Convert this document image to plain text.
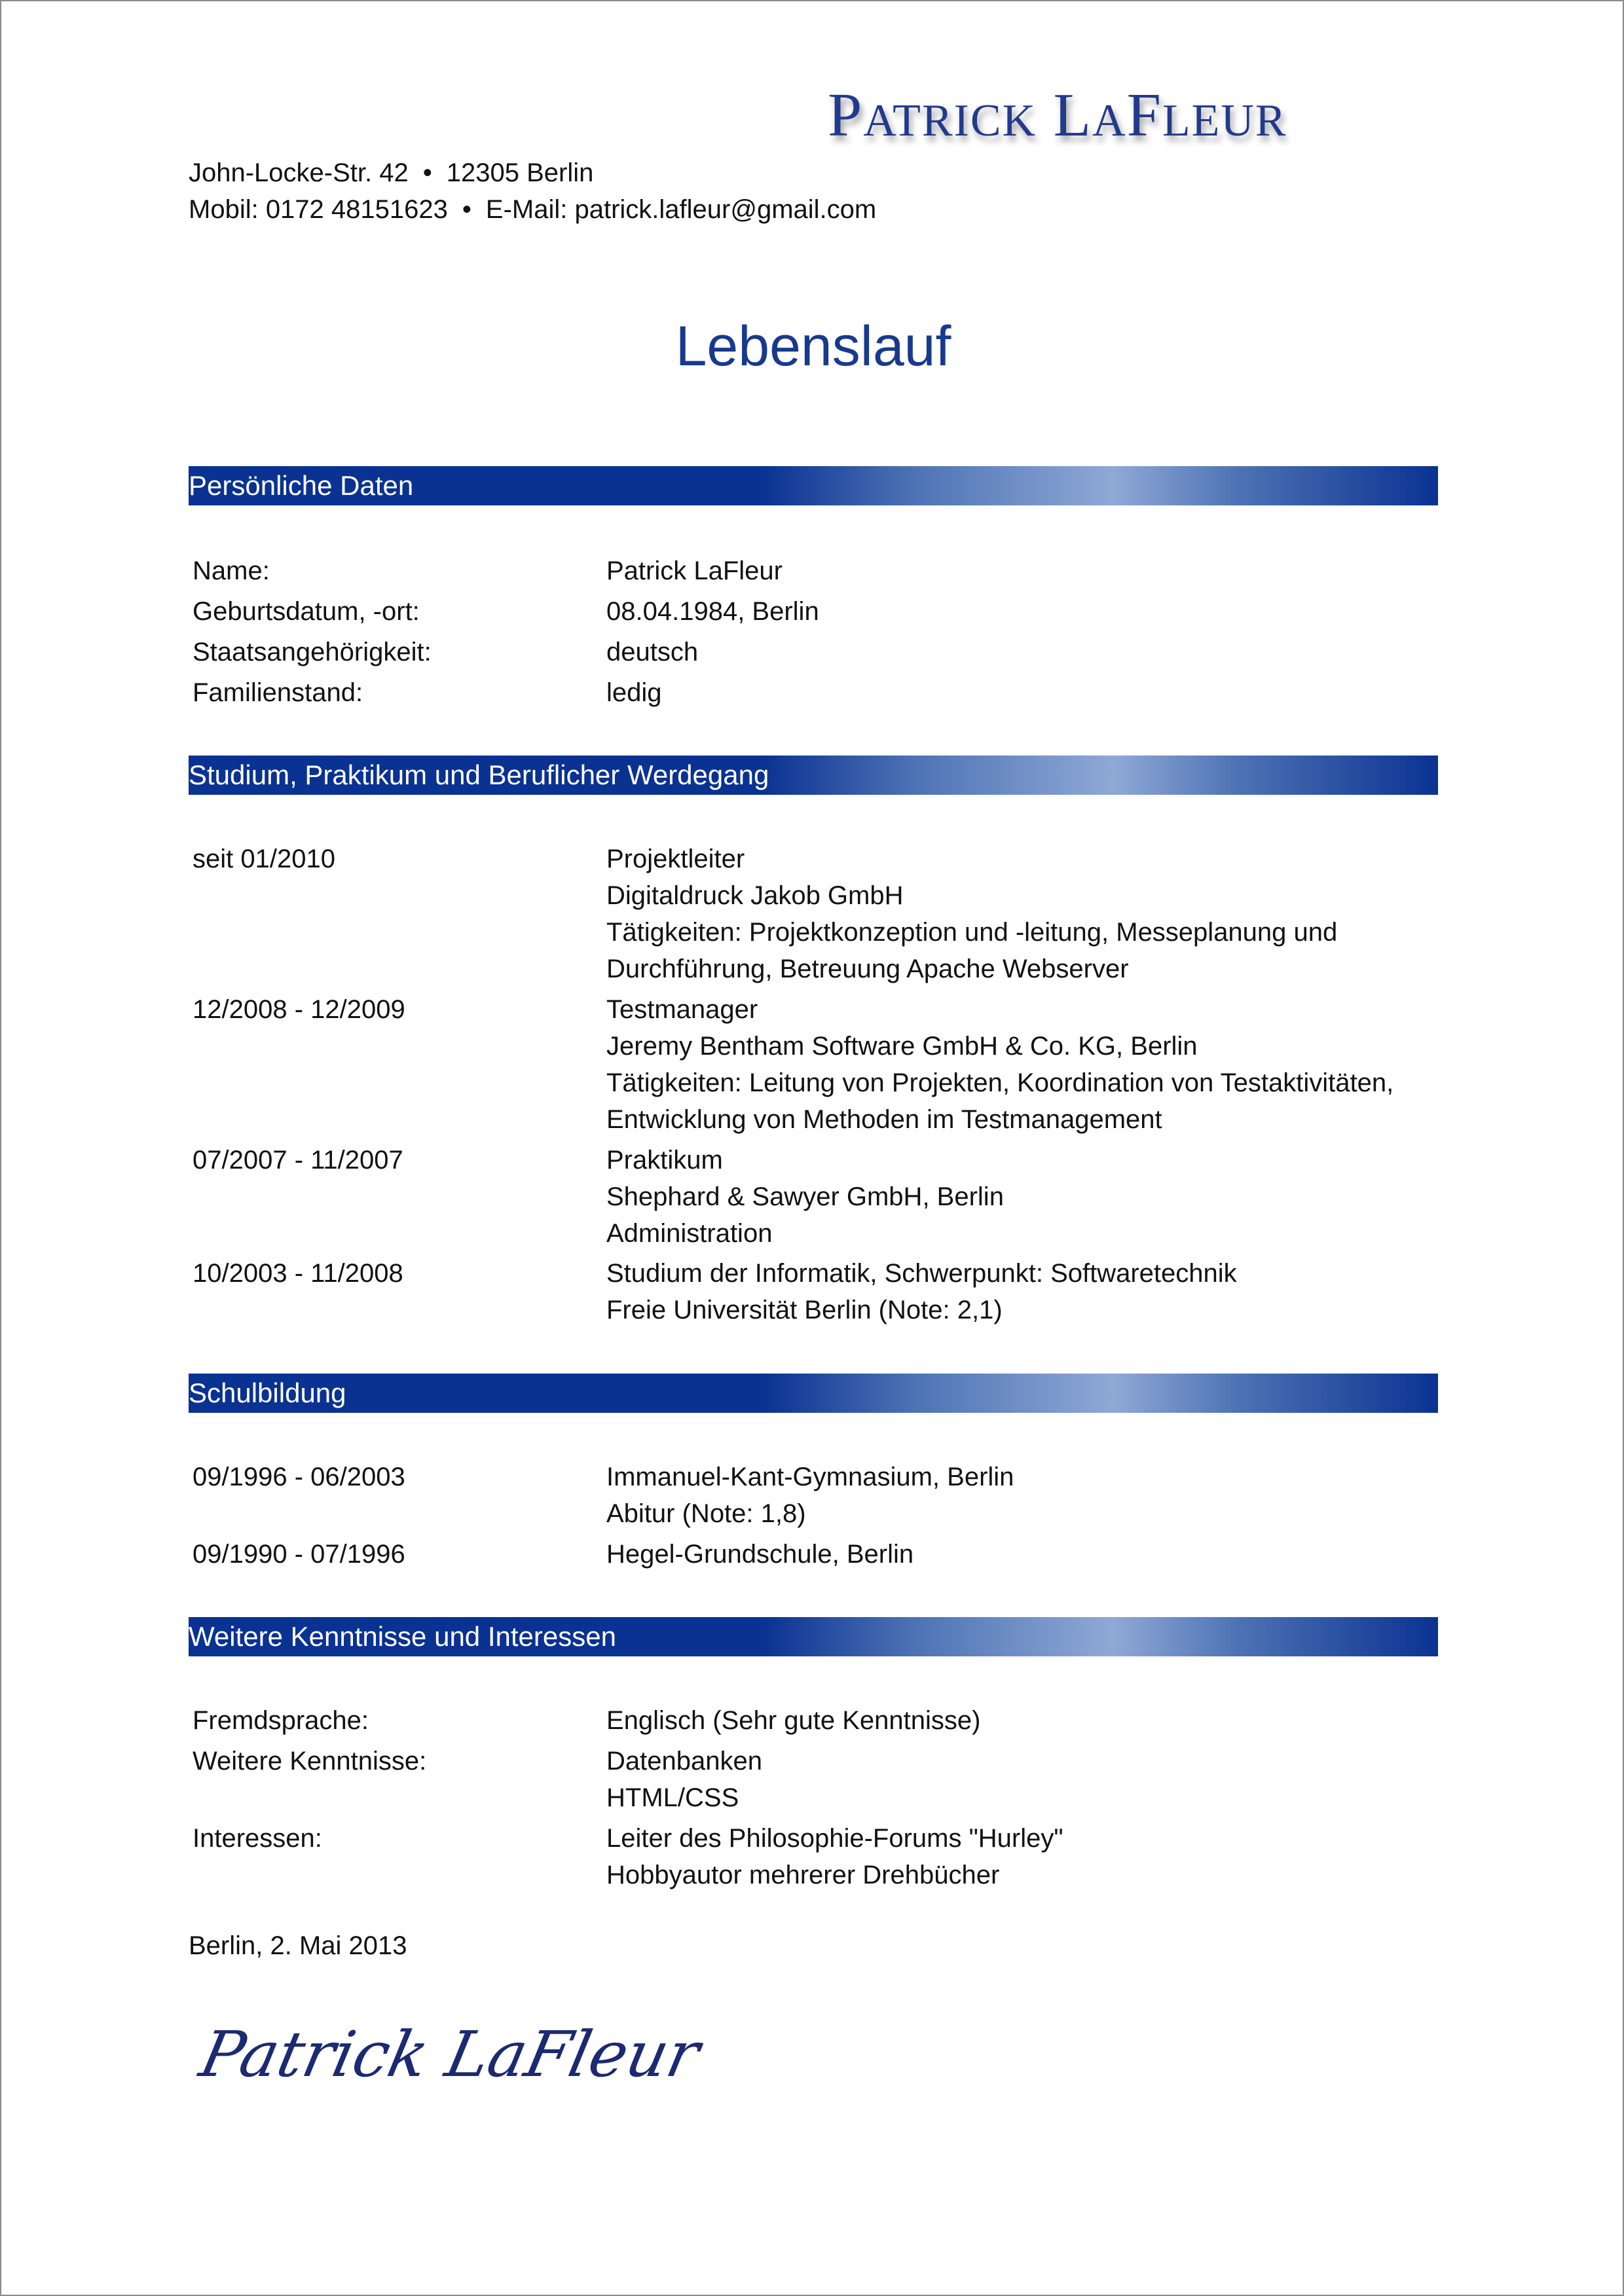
PATRICK LAFLEUR
John-Locke-Str. 42 • 12305 Berlin
Mobil: 0172 48151623 • E-Mail: patrick.lafleur@gmail.com
Lebenslauf
Persönliche Daten
Name:	Patrick LaFleur
Geburtsdatum, -ort:	08.04.1984, Berlin
Staatsangehörigkeit:	deutsch
Familienstand:	ledig
Studium, Praktikum und Beruflicher Werdegang
seit 01/2010	Projektleiter
Digitaldruck Jakob GmbH
Tätigkeiten: Projektkonzeption und -leitung, Messeplanung und
Durchführung, Betreuung Apache Webserver
12/2008 - 12/2009	Testmanager
Jeremy Bentham Software GmbH & Co. KG, Berlin
Tätigkeiten: Leitung von Projekten, Koordination von Testaktivitäten,
Entwicklung von Methoden im Testmanagement
07/2007 - 11/2007	Praktikum
Shephard & Sawyer GmbH, Berlin
Administration
10/2003 - 11/2008	Studium der Informatik, Schwerpunkt: Softwaretechnik
Freie Universität Berlin (Note: 2,1)
Schulbildung
09/1996 - 06/2003	Immanuel-Kant-Gymnasium, Berlin
Abitur (Note: 1,8)
09/1990 - 07/1996	Hegel-Grundschule, Berlin
Weitere Kenntnisse und Interessen
Fremdsprache:	Englisch (Sehr gute Kenntnisse)
Weitere Kenntnisse:	Datenbanken
HTML/CSS
Interessen:	Leiter des Philosophie-Forums "Hurley"
Hobbyautor mehrerer Drehbücher
Berlin, 2. Mai 2013
Patrick LaFleur
